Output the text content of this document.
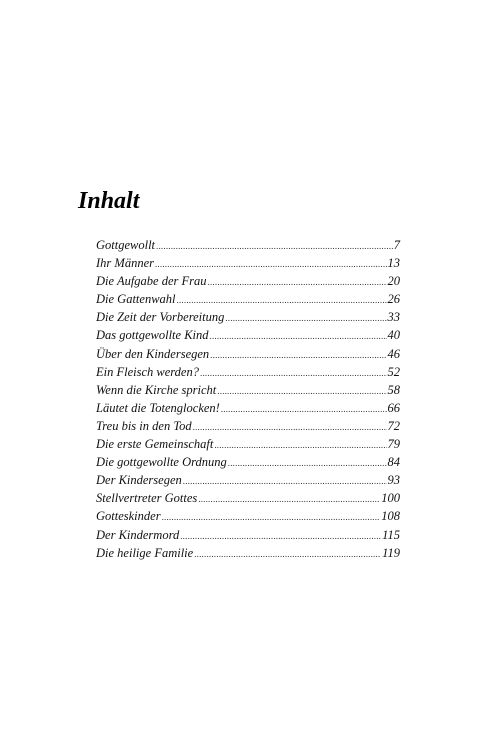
Inhalt
Gottgewollt .....	7
Ihr Männer .....	13
Die Aufgabe der Frau .....	20
Die Gattenwahl .....	26
Die Zeit der Vorbereitung .....	33
Das gottgewollte Kind .....	40
Über den Kindersegen .....	46
Ein Fleisch werden? .....	52
Wenn die Kirche spricht .....	58
Läutet die Totenglocken! .....	66
Treu bis in den Tod .....	72
Die erste Gemeinschaft .....	79
Die gottgewollte Ordnung .....	84
Der Kindersegen .....	93
Stellvertreter Gottes .....	100
Gotteskinder .....	108
Der Kindermord .....	115
Die heilige Familie .....	119
